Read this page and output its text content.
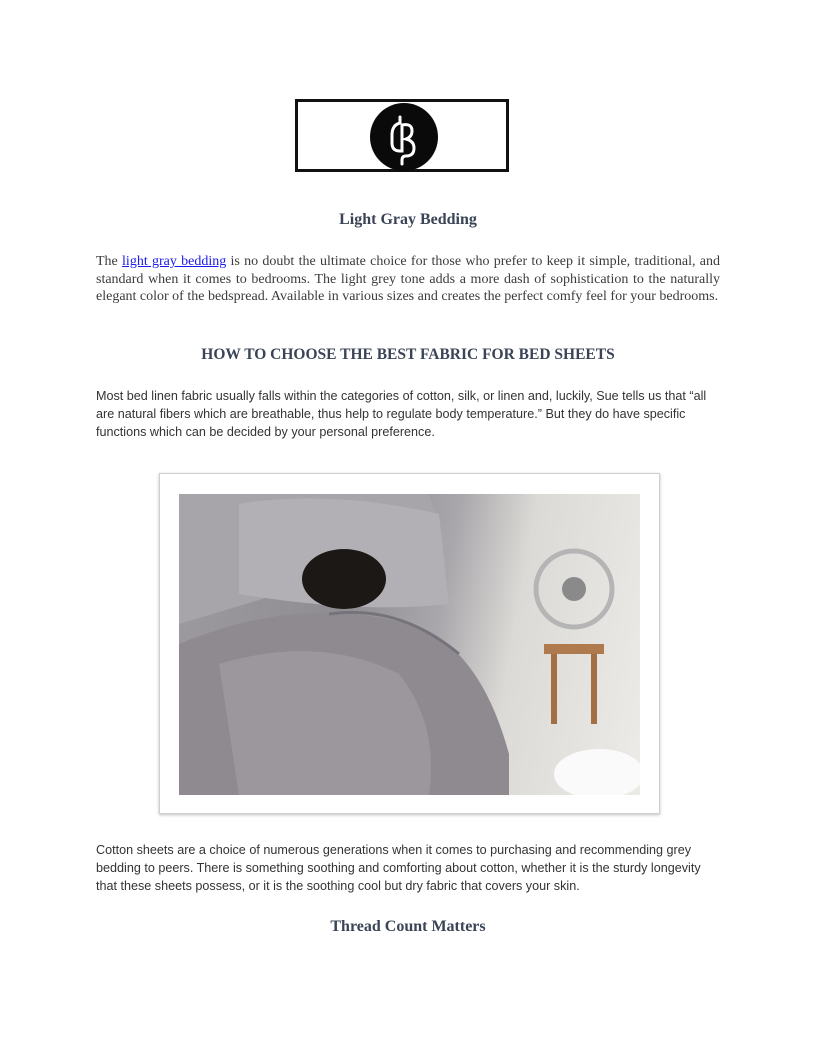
Light Gray Bedding

The light gray bedding is no doubt the ultimate choice for those who prefer to keep it simple, traditional, and standard when it comes to bedrooms. The light grey tone adds a more dash of sophistication to the naturally elegant color of the bedspread. Available in various sizes and creates the perfect comfy feel for your bedrooms.

HOW TO CHOOSE THE BEST FABRIC FOR BED SHEETS

Most bed linen fabric usually falls within the categories of cotton, silk, or linen and, luckily, Sue tells us that “all are natural fibers which are breathable, thus help to regulate body temperature.” But they do have specific functions which can be decided by your personal preference.

Cotton sheets are a choice of numerous generations when it comes to purchasing and recommending grey bedding to peers. There is something soothing and comforting about cotton, whether it is the sturdy longevity that these sheets possess, or it is the soothing cool but dry fabric that covers your skin.

Thread Count Matters
